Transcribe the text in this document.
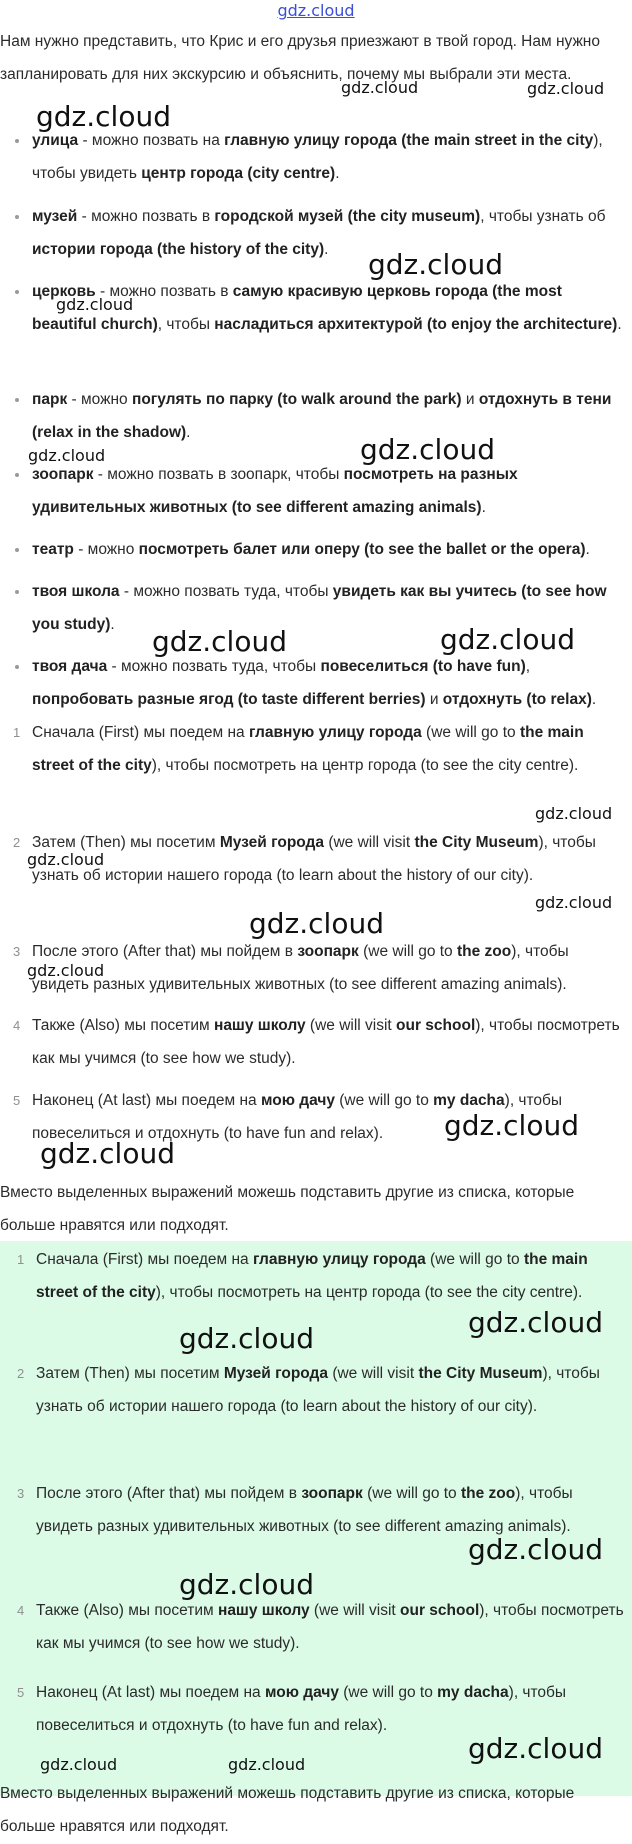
gdz.cloud

Нам нужно представить, что Крис и его друзья приезжают в твой город. Нам нужно запланировать для них экскурсию и объяснить, почему мы выбрали эти места.

улица - можно позвать на главную улицу города (the main street in the city), чтобы увидеть центр города (city centre).

музей - можно позвать в городской музей (the city museum), чтобы узнать об истории города (the history of the city).

церковь - можно позвать в самую красивую церковь города (the most beautiful church), чтобы насладиться архитектурой (to enjoy the architecture).

парк - можно погулять по парку (to walk around the park) и отдохнуть в тени (relax in the shadow).

зоопарк - можно позвать в зоопарк, чтобы посмотреть на разных удивительных животных (to see different amazing animals).

театр - можно посмотреть балет или оперу (to see the ballet or the opera).

твоя школа - можно позвать туда, чтобы увидеть как вы учитесь (to see how you study).

твоя дача - можно позвать туда, чтобы повеселиться (to have fun), попробовать разные ягод (to taste different berries) и отдохнуть (to relax).

1 Сначала (First) мы поедем на главную улицу города (we will go to the main street of the city), чтобы посмотреть на центр города (to see the city centre).

2 Затем (Then) мы посетим Музей города (we will visit the City Museum), чтобы узнать об истории нашего города (to learn about the history of our city).

3 После этого (After that) мы пойдем в зоопарк (we will go to the zoo), чтобы увидеть разных удивительных животных (to see different amazing animals).

4 Также (Also) мы посетим нашу школу (we will visit our school), чтобы посмотреть как мы учимся (to see how we study).

5 Наконец (At last) мы поедем на мою дачу (we will go to my dacha), чтобы повеселиться и отдохнуть (to have fun and relax).

Вместо выделенных выражений можешь подставить другие из списка, которые больше нравятся или подходят.

1 Сначала (First) мы поедем на главную улицу города (we will go to the main street of the city), чтобы посмотреть на центр города (to see the city centre).

2 Затем (Then) мы посетим Музей города (we will visit the City Museum), чтобы узнать об истории нашего города (to learn about the history of our city).

3 После этого (After that) мы пойдем в зоопарк (we will go to the zoo), чтобы увидеть разных удивительных животных (to see different amazing animals).

4 Также (Also) мы посетим нашу школу (we will visit our school), чтобы посмотреть как мы учимся (to see how we study).

5 Наконец (At last) мы поедем на мою дачу (we will go to my dacha), чтобы повеселиться и отдохнуть (to have fun and relax).

Вместо выделенных выражений можешь подставить другие из списка, которые больше нравятся или подходят.

gdz.cloud
gdz.cloud	gdz.cloud
gdz.cloud
gdz.cloud
gdz.cloud
gdz.cloud
gdz.cloud	gdz.cloud
gdz.cloud
gdz.cloud
gdz.cloud
gdz.cloud
gdz.cloud
gdz.cloud
gdz.cloud
gdz.cloud
gdz.cloud
gdz.cloud
gdz.cloud
gdz.cloud	gdz.cloud	gdz.cloud
